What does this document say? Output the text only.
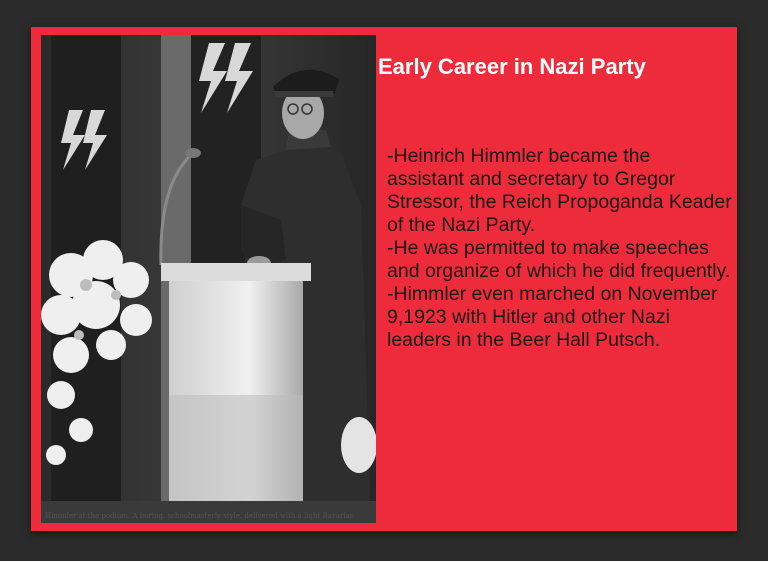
Himmler at the podium. A boring, schoolmasterly style, delivered with a light Bavarian
Early Career in Nazi Party
-Heinrich Himmler became the assistant and secretary to Gregor Stressor, the Reich Propoganda Keader of the Nazi Party.
-He was permitted to make speeches and organize of which he did frequently.
-Himmler even marched on November 9,1923 with Hitler and other Nazi leaders in the Beer Hall Putsch.
